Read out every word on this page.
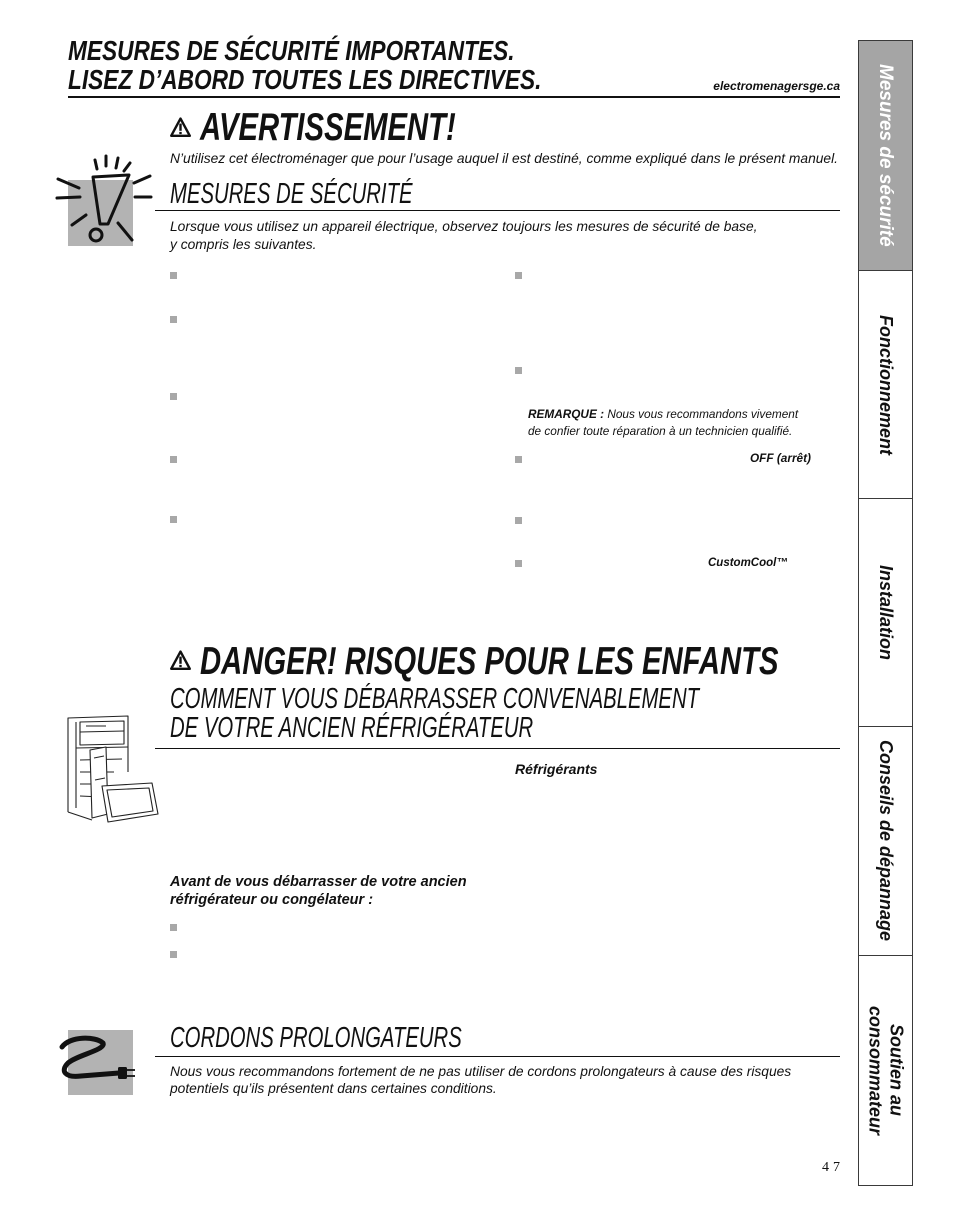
MESURES DE SÉCURITÉ IMPORTANTES.
LISEZ D’ABORD TOUTES LES DIRECTIVES.	electromenagersge.ca Mesures de sécurité
Fonctionnement
Installation
Conseils de dépannage
Soutien au
consommateur
AVERTISSEMENT!
N’utilisez cet électroménager que pour l’usage auquel il est destiné, comme expliqué dans le présent manuel.
MESURES DE SÉCURITÉ
Lorsque vous utilisez un appareil électrique, observez toujours les mesures de sécurité de base,
y compris les suivantes.
REMARQUE : Nous vous recommandons vivement
de confier toute réparation à un technicien qualifié.
OFF (arrêt)
CustomCool™
DANGER! RISQUES POUR LES ENFANTS
COMMENT VOUS DÉBARRASSER CONVENABLEMENT
DE VOTRE ANCIEN RÉFRIGÉRATEUR
Réfrigérants
Avant de vous débarrasser de votre ancien
réfrigérateur ou congélateur :
CORDONS PROLONGATEURS
Nous vous recommandons fortement de ne pas utiliser de cordons prolongateurs à cause des risques
potentiels qu’ils présentent dans certaines conditions.
47
